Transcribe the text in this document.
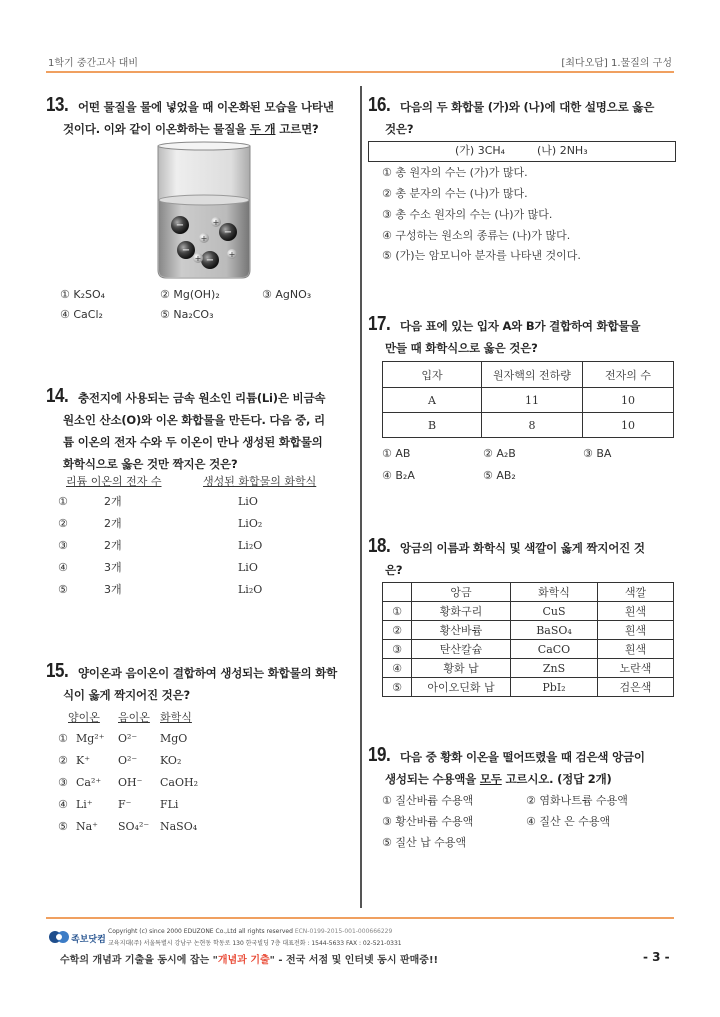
1학기 중간고사 대비	[최다오답] 1.물질의 구성
13. 어떤 물질을 물에 넣었을 때 이온화된 모습을 나타낸
것이다. 이와 같이 이온화하는 물질을 두 개 고르면?
−
−
−
−
+
+
+
+
① K₂SO₄	② Mg(OH)₂	③ AgNO₃
④ CaCl₂	⑤ Na₂CO₃
14. 충전지에 사용되는 금속 원소인 리튬(Li)은 비금속
원소인 산소(O)와 이온 화합물을 만든다. 다음 중, 리
튬 이온의 전자 수와 두 이온이 만나 생성된 화합물의
화학식으로 옳은 것만 짝지은 것은?
리튬 이온의 전자 수	생성된 화합물의 화학식
①	2개	LiO
②	2개	LiO₂
③	2개	Li₂O
④	3개	LiO
⑤	3개	Li₂O
15. 양이온과 음이온이 결합하여 생성되는 화합물의 화학
식이 옳게 짝지어진 것은?
양이온 음이온 화학식
① Mg²⁺ O²⁻ MgO
② K⁺	O²⁻ KO₂
③ Ca²⁺ OH⁻ CaOH₂
④ Li⁺ F⁻	FLi
⑤ Na⁺ SO₄²⁻ NaSO₄
16. 다음의 두 화합물 (가)와 (나)에 대한 설명으로 옳은
것은?
(가) 3CH₄	(나) 2NH₃
① 총 원자의 수는 (가)가 많다.
② 총 분자의 수는 (나)가 많다.
③ 총 수소 원자의 수는 (나)가 많다.
④ 구성하는 원소의 종류는 (나)가 많다.
⑤ (가)는 암모니아 분자를 나타낸 것이다.
17. 다음 표에 있는 입자 A와 B가 결합하여 화합물을
만들 때 화학식으로 옳은 것은?
입자	원자핵의 전하량	전자의 수
A	11	10
B	8	10
① AB	② A₂B	③ BA
④ B₂A	⑤ AB₂
18. 앙금의 이름과 화학식 및 색깔이 옳게 짝지어진 것
은?
	앙금	화학식	색깔
①	황화구리	CuS	흰색
②	황산바륨	BaSO₄	흰색
③	탄산칼슘	CaCO	흰색
④	황화 납	ZnS	노란색
⑤	아이오딘화 납	PbI₂	검은색
19. 다음 중 황화 이온을 떨어뜨렸을 때 검은색 앙금이
생성되는 수용액을 모두 고르시오. (정답 2개)
① 질산바륨 수용액	② 염화나트륨 수용액
③ 황산바륨 수용액	④ 질산 은 수용액
⑤ 질산 납 수용액
족보닷컴
Copyright (c) since 2000 EDUZONE Co.,Ltd all rights reserved ECN-0199-2015-001-000666229
교육지대(주) 서울특별시 강남구 논현동 학동로 130 한국빌딩 7층 대표전화 : 1544-5633 FAX : 02-521-0331
수학의 개념과 기출을 동시에 잡는 "개념과 기출" - 전국 서점 및 인터넷 동시 판매중!!	- 3 -
